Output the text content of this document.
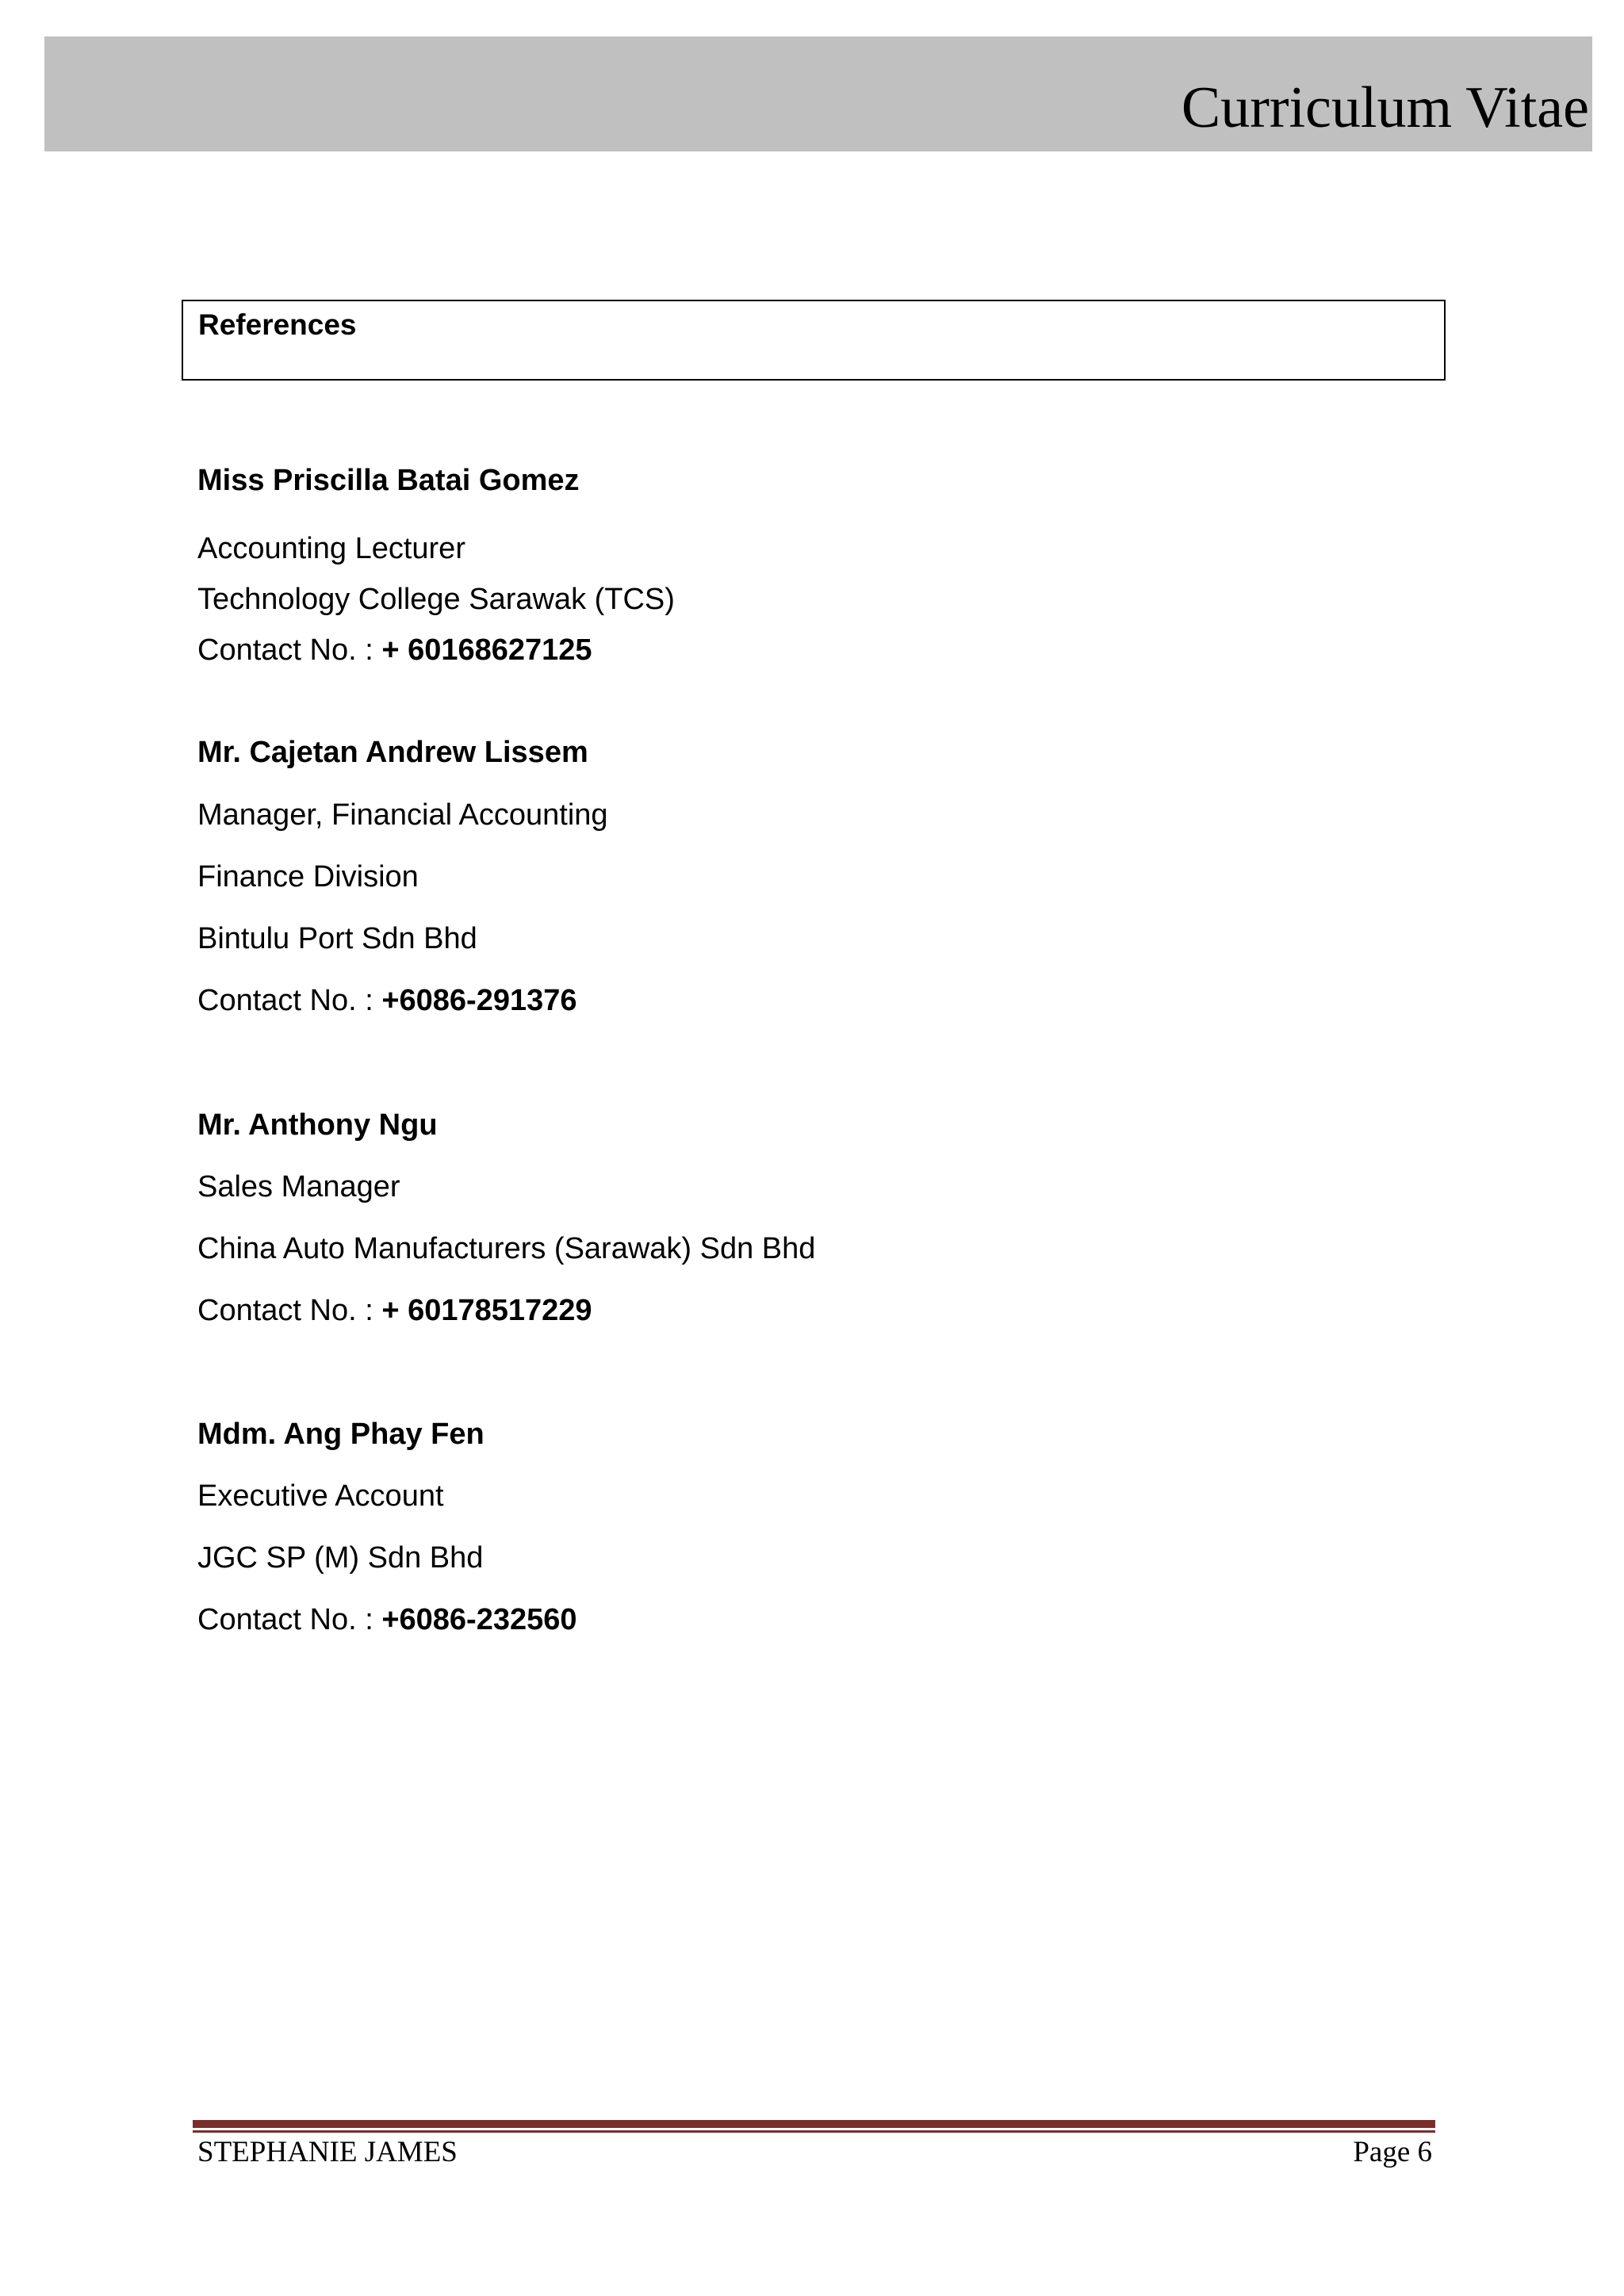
Curriculum Vitae
References
Miss Priscilla Batai Gomez
Accounting Lecturer
Technology College Sarawak (TCS)
Contact No. : + 60168627125
Mr. Cajetan Andrew Lissem
Manager, Financial Accounting
Finance Division
Bintulu Port Sdn Bhd
Contact No. : +6086-291376
Mr. Anthony Ngu
Sales Manager
China Auto Manufacturers (Sarawak) Sdn Bhd
Contact No. : + 60178517229
Mdm. Ang Phay Fen
Executive Account
JGC SP (M) Sdn Bhd
Contact No. : +6086-232560
STEPHANIE JAMES	Page 6
